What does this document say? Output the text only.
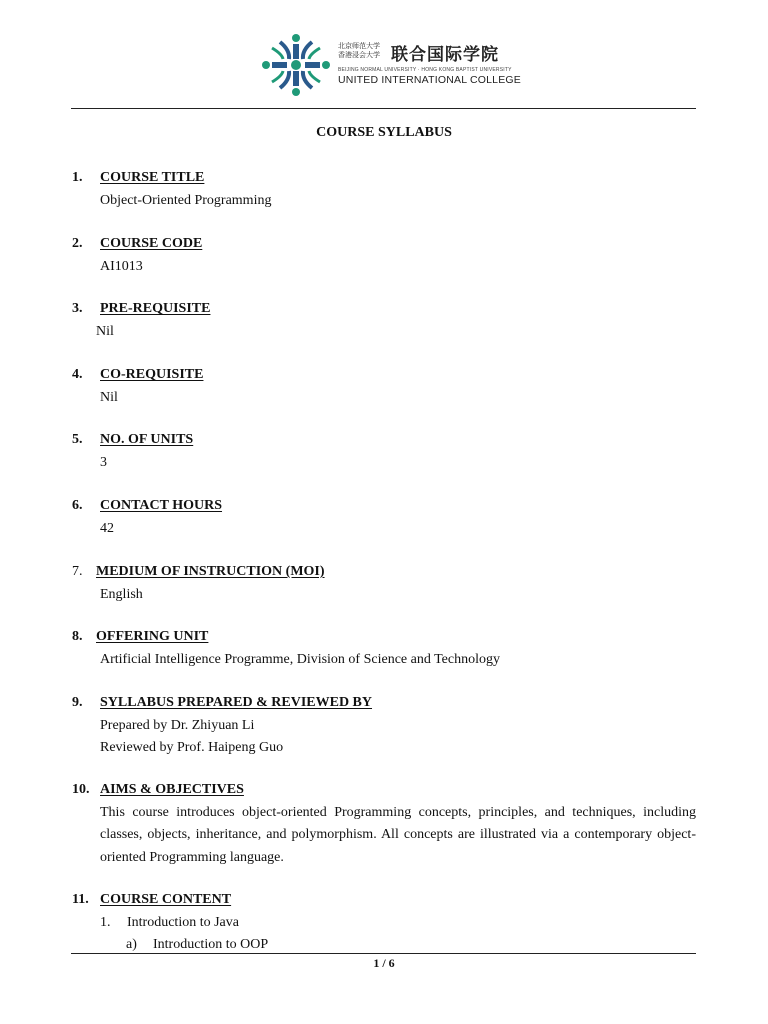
北京师范大学
香港浸会大学 联合国际学院
BEIJING NORMAL UNIVERSITY · HONG KONG BAPTIST UNIVERSITY
UNITED INTERNATIONAL COLLEGE
COURSE SYLLABUS
1. COURSE TITLE
Object-Oriented Programming
2. COURSE CODE
AI1013
3. PRE-REQUISITE
Nil
4. CO-REQUISITE
Nil
5. NO. OF UNITS
3
6. CONTACT HOURS
42
7. MEDIUM OF INSTRUCTION (MOI)
English
8. OFFERING UNIT
Artificial Intelligence Programme, Division of Science and Technology
9. SYLLABUS PREPARED & REVIEWED BY
Prepared by Dr. Zhiyuan Li
Reviewed by Prof. Haipeng Guo
10. AIMS & OBJECTIVES
This course introduces object-oriented Programming concepts, principles, and techniques, including classes, objects, inheritance, and polymorphism. All concepts are illustrated via a contemporary object-oriented Programming language.
11. COURSE CONTENT
1. Introduction to Java
a) Introduction to OOP
1 / 6
